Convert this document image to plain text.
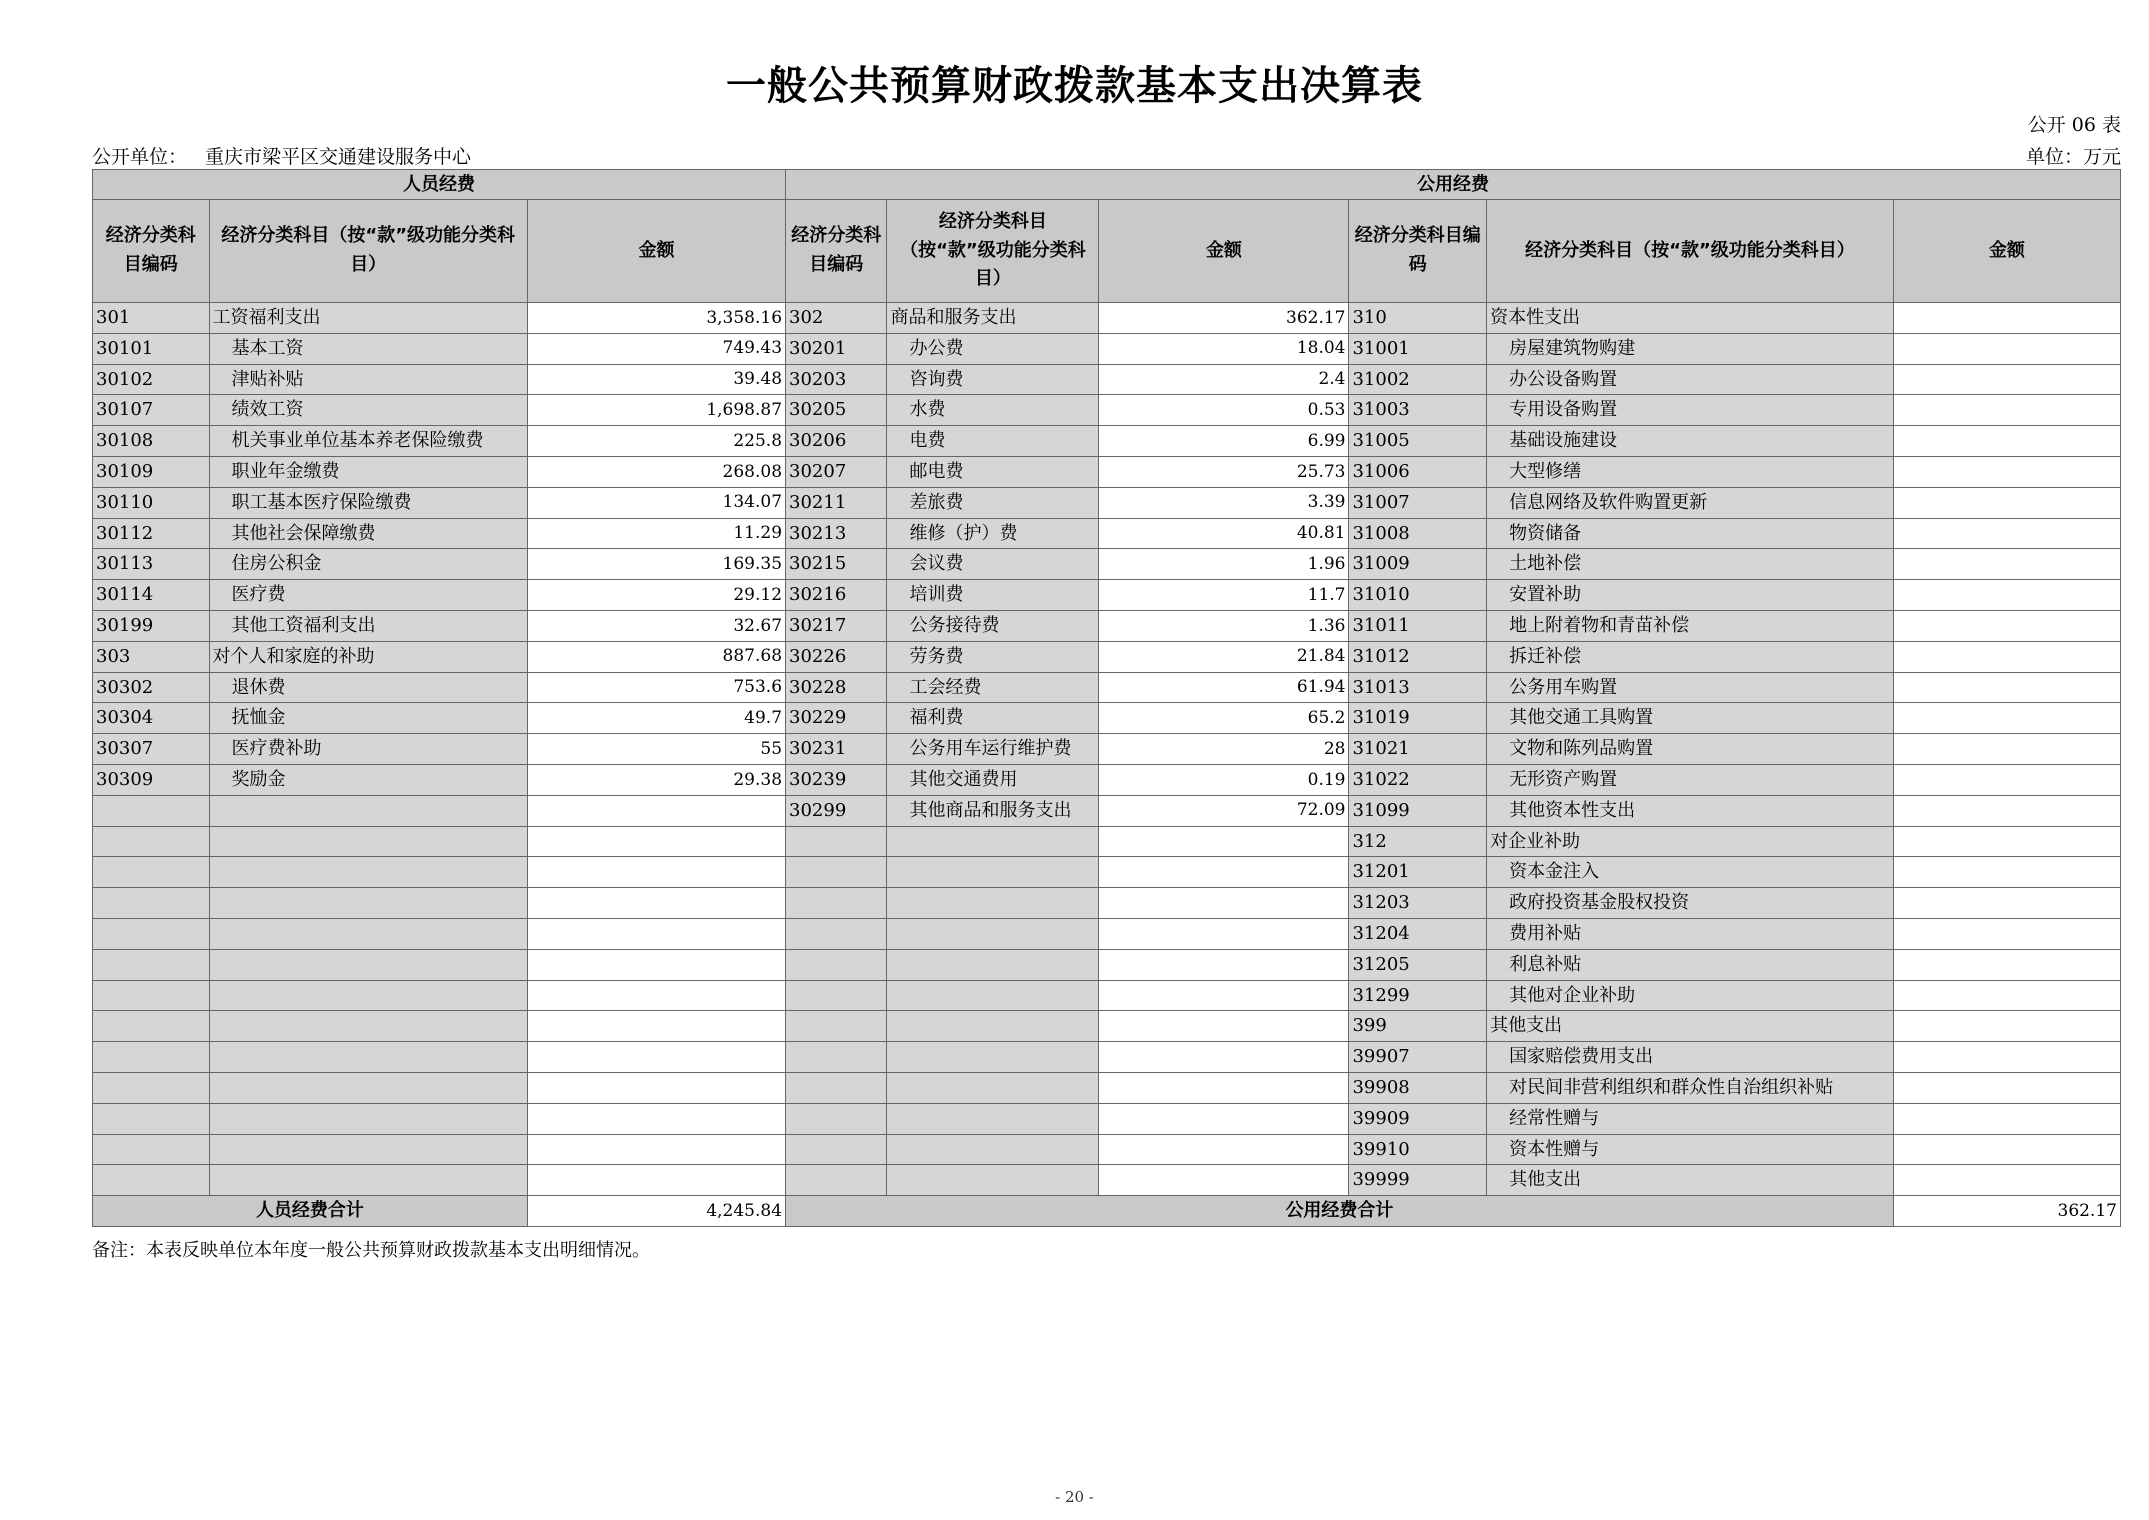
一般公共预算财政拨款基本支出决算表
公开 06 表
公开单位： 重庆市梁平区交通建设服务中心	单位：万元
人员经费			公用经费					
经济分类科目编码	经济分类科目（按“款”级功能分类科目）	金额	经济分类科目编码	经济分类科目（按“款”级功能分类科目）	金额	经济分类科目编码	经济分类科目（按“款”级功能分类科目）	金额
301	工资福利支出	3,358.16	302	商品和服务支出	362.17	310	资本性支出	
30101	基本工资	749.43	30201	办公费	18.04	31001	房屋建筑物购建	
30102	津贴补贴	39.48	30203	咨询费	2.4	31002	办公设备购置	
30107	绩效工资	1,698.87	30205	水费	0.53	31003	专用设备购置	
30108	机关事业单位基本养老保险缴费	225.8	30206	电费	6.99	31005	基础设施建设	
30109	职业年金缴费	268.08	30207	邮电费	25.73	31006	大型修缮	
30110	职工基本医疗保险缴费	134.07	30211	差旅费	3.39	31007	信息网络及软件购置更新	
30112	其他社会保障缴费	11.29	30213	维修（护）费	40.81	31008	物资储备	
30113	住房公积金	169.35	30215	会议费	1.96	31009	土地补偿	
30114	医疗费	29.12	30216	培训费	11.7	31010	安置补助	
30199	其他工资福利支出	32.67	30217	公务接待费	1.36	31011	地上附着物和青苗补偿	
303	对个人和家庭的补助	887.68	30226	劳务费	21.84	31012	拆迁补偿	
30302	退休费	753.6	30228	工会经费	61.94	31013	公务用车购置	
30304	抚恤金	49.7	30229	福利费	65.2	31019	其他交通工具购置	
30307	医疗费补助	55	30231	公务用车运行维护费	28	31021	文物和陈列品购置	
30309	奖励金	29.38	30239	其他交通费用	0.19	31022	无形资产购置	
			30299	其他商品和服务支出	72.09	31099	其他资本性支出	
						312	对企业补助	
						31201	资本金注入	
						31203	政府投资基金股权投资	
						31204	费用补贴	
						31205	利息补贴	
						31299	其他对企业补助	
						399	其他支出	
						39907	国家赔偿费用支出	
						39908	对民间非营利组织和群众性自治组织补贴	
						39909	经常性赠与	
						39910	资本性赠与	
						39999	其他支出	
人员经费合计		4,245.84	公用经费合计					362.17
备注：本表反映单位本年度一般公共预算财政拨款基本支出明细情况。
- 20 -
